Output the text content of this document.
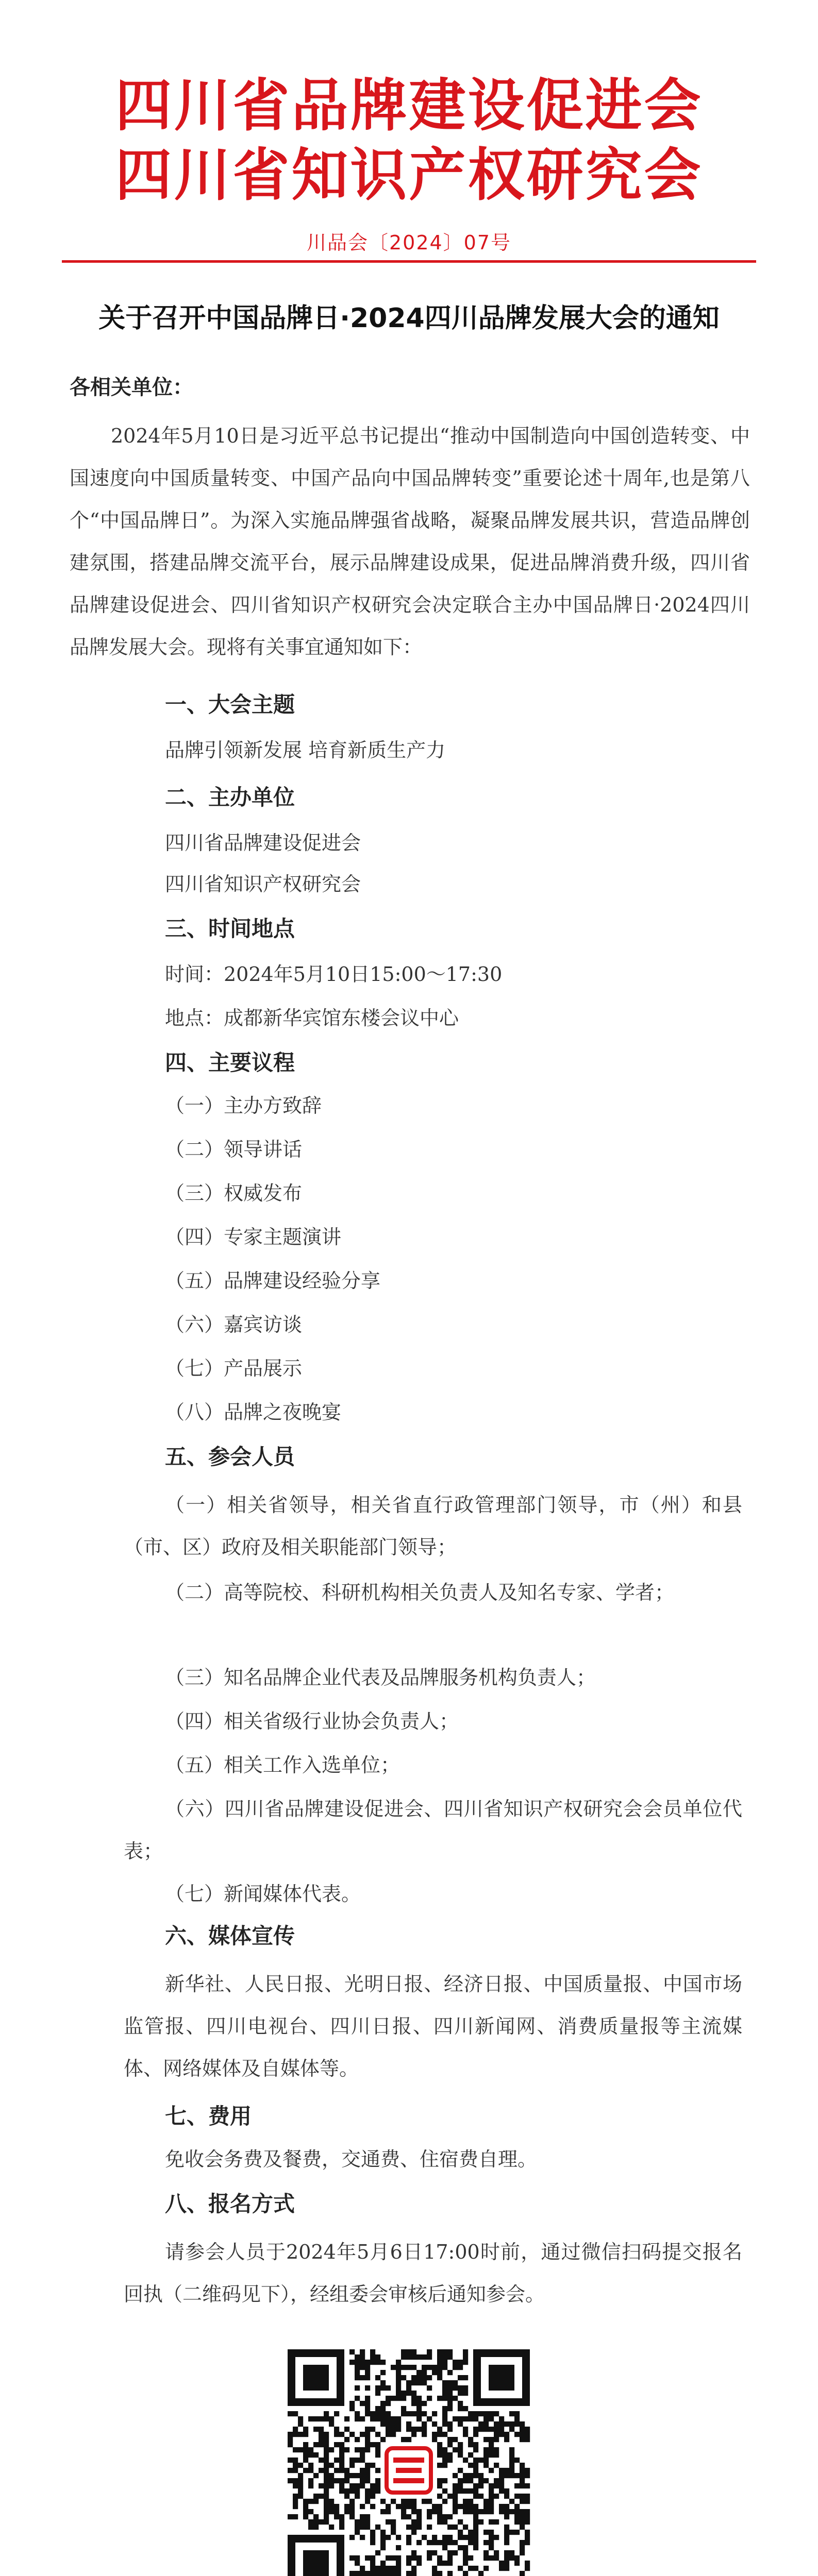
四川省品牌建设促进会
四川省知识产权研究会
川品会〔2024〕07号
关于召开中国品牌日·2024四川品牌发展大会的通知
各相关单位：

2024年5月10日是习近平总书记提出“推动中国制造向中国创造转变、中国速度向中国质量转变、中国产品向中国品牌转变”重要论述十周年,也是第八个“中国品牌日”。为深入实施品牌强省战略，凝聚品牌发展共识，营造品牌创建氛围，搭建品牌交流平台，展示品牌建设成果，促进品牌消费升级，四川省品牌建设促进会、四川省知识产权研究会决定联合主办中国品牌日·2024四川品牌发展大会。现将有关事宜通知如下：

一、大会主题
品牌引领新发展 培育新质生产力
二、主办单位
四川省品牌建设促进会
四川省知识产权研究会
三、时间地点
时间：2024年5月10日15:00～17:30
地点：成都新华宾馆东楼会议中心
四、主要议程
（一）主办方致辞
（二）领导讲话
（三）权威发布
（四）专家主题演讲
（五）品牌建设经验分享
（六）嘉宾访谈
（七）产品展示
（八）品牌之夜晚宴
五、参会人员

（一）相关省领导，相关省直行政管理部门领导，市（州）和县（市、区）政府及相关职能部门领导；

（二）高等院校、科研机构相关负责人及知名专家、学者；

（三）知名品牌企业代表及品牌服务机构负责人；

（四）相关省级行业协会负责人；

（五）相关工作入选单位；

（六）四川省品牌建设促进会、四川省知识产权研究会会员单位代表；

（七）新闻媒体代表。

六、媒体宣传

新华社、人民日报、光明日报、经济日报、中国质量报、中国市场监管报、四川电视台、四川日报、四川新闻网、消费质量报等主流媒体、网络媒体及自媒体等。

七、费用
免收会务费及餐费，交通费、住宿费自理。
八、报名方式

请参会人员于2024年5月6日17:00时前，通过微信扫码提交报名回执（二维码见下），经组委会审核后通知参会。
